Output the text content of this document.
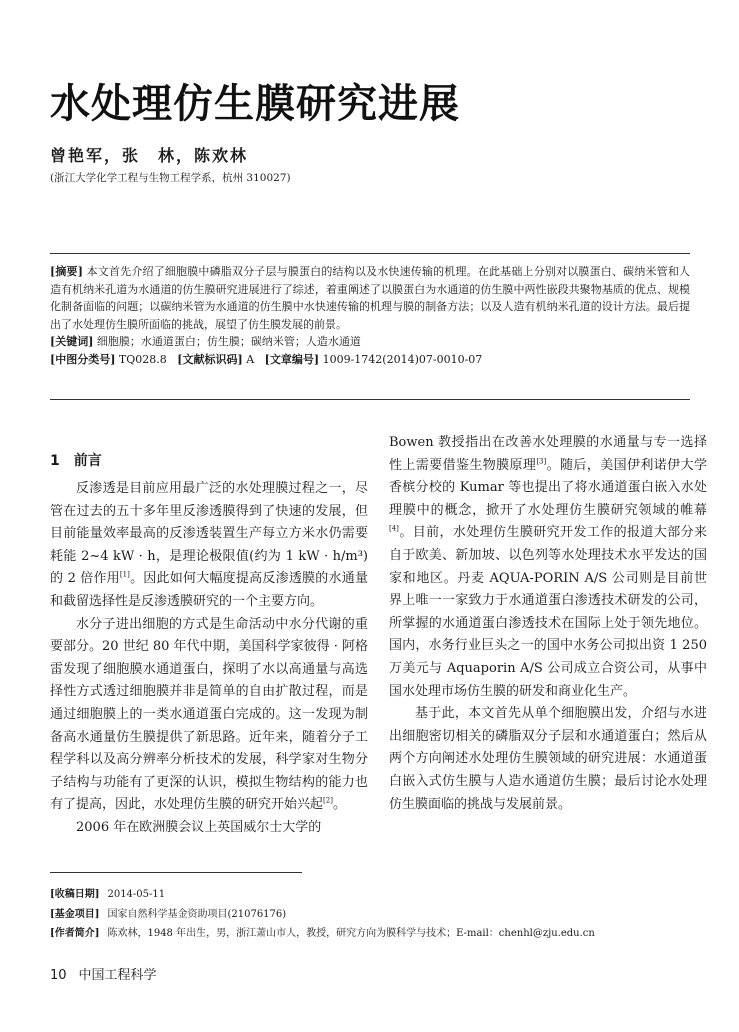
水处理仿生膜研究进展
曾艳军，张　林，陈欢林
(浙江大学化学工程与生物工程学系，杭州 310027)

[摘要] 本文首先介绍了细胞膜中磷脂双分子层与膜蛋白的结构以及水快速传输的机理。在此基础上分别对以膜蛋白、碳纳米管和人造有机纳米孔道为水通道的仿生膜研究进展进行了综述，着重阐述了以膜蛋白为水通道的仿生膜中两性嵌段共聚物基质的优点、规模化制备面临的问题；以碳纳米管为水通道的仿生膜中水快速传输的机理与膜的制备方法；以及人造有机纳米孔道的设计方法。最后提出了水处理仿生膜所面临的挑战，展望了仿生膜发展的前景。

[关键词] 细胞膜；水通道蛋白；仿生膜；碳纳米管；人造水通道

[中图分类号] TQ028.8 [文献标识码] A [文章编号] 1009-1742(2014)07-0010-07

1 前言

反渗透是目前应用最广泛的水处理膜过程之一，尽管在过去的五十多年里反渗透膜得到了快速的发展，但目前能量效率最高的反渗透装置生产每立方米水仍需要耗能 2~4 kW · h，是理论极限值(约为 1 kW · h/m³)的 2 倍作用[1]。因此如何大幅度提高反渗透膜的水通量和截留选择性是反渗透膜研究的一个主要方向。

水分子进出细胞的方式是生命活动中水分代谢的重要部分。20 世纪 80 年代中期，美国科学家彼得 · 阿格雷发现了细胞膜水通道蛋白，探明了水以高通量与高选择性方式透过细胞膜并非是简单的自由扩散过程，而是通过细胞膜上的一类水通道蛋白完成的。这一发现为制备高水通量仿生膜提供了新思路。近年来，随着分子工程学科以及高分辨率分析技术的发展，科学家对生物分子结构与功能有了更深的认识，模拟生物结构的能力也有了提高，因此，水处理仿生膜的研究开始兴起[2]。

2006 年在欧洲膜会议上英国威尔士大学的

Bowen 教授指出在改善水处理膜的水通量与专一选择性上需要借鉴生物膜原理[3]。随后，美国伊利诺伊大学香槟分校的 Kumar 等也提出了将水通道蛋白嵌入水处理膜中的概念，掀开了水处理仿生膜研究领域的帷幕[4]。目前，水处理仿生膜研究开发工作的报道大部分来自于欧美、新加坡、以色列等水处理技术水平发达的国家和地区。丹麦 AQUA-PORIN A/S 公司则是目前世界上唯一一家致力于水通道蛋白渗透技术研发的公司，所掌握的水通道蛋白渗透技术在国际上处于领先地位。国内，水务行业巨头之一的国中水务公司拟出资 1 250 万美元与 Aquaporin A/S 公司成立合资公司，从事中国水处理市场仿生膜的研发和商业化生产。

基于此，本文首先从单个细胞膜出发，介绍与水进出细胞密切相关的磷脂双分子层和水通道蛋白；然后从两个方向阐述水处理仿生膜领域的研究进展：水通道蛋白嵌入式仿生膜与人造水通道仿生膜；最后讨论水处理仿生膜面临的挑战与发展前景。

[收稿日期] 2014-05-11
[基金项目] 国家自然科学基金资助项目(21076176)
[作者简介] 陈欢林，1948 年出生，男，浙江萧山市人，教授，研究方向为膜科学与技术；E-mail：chenhl@zju.edu.cn
10 中国工程科学
